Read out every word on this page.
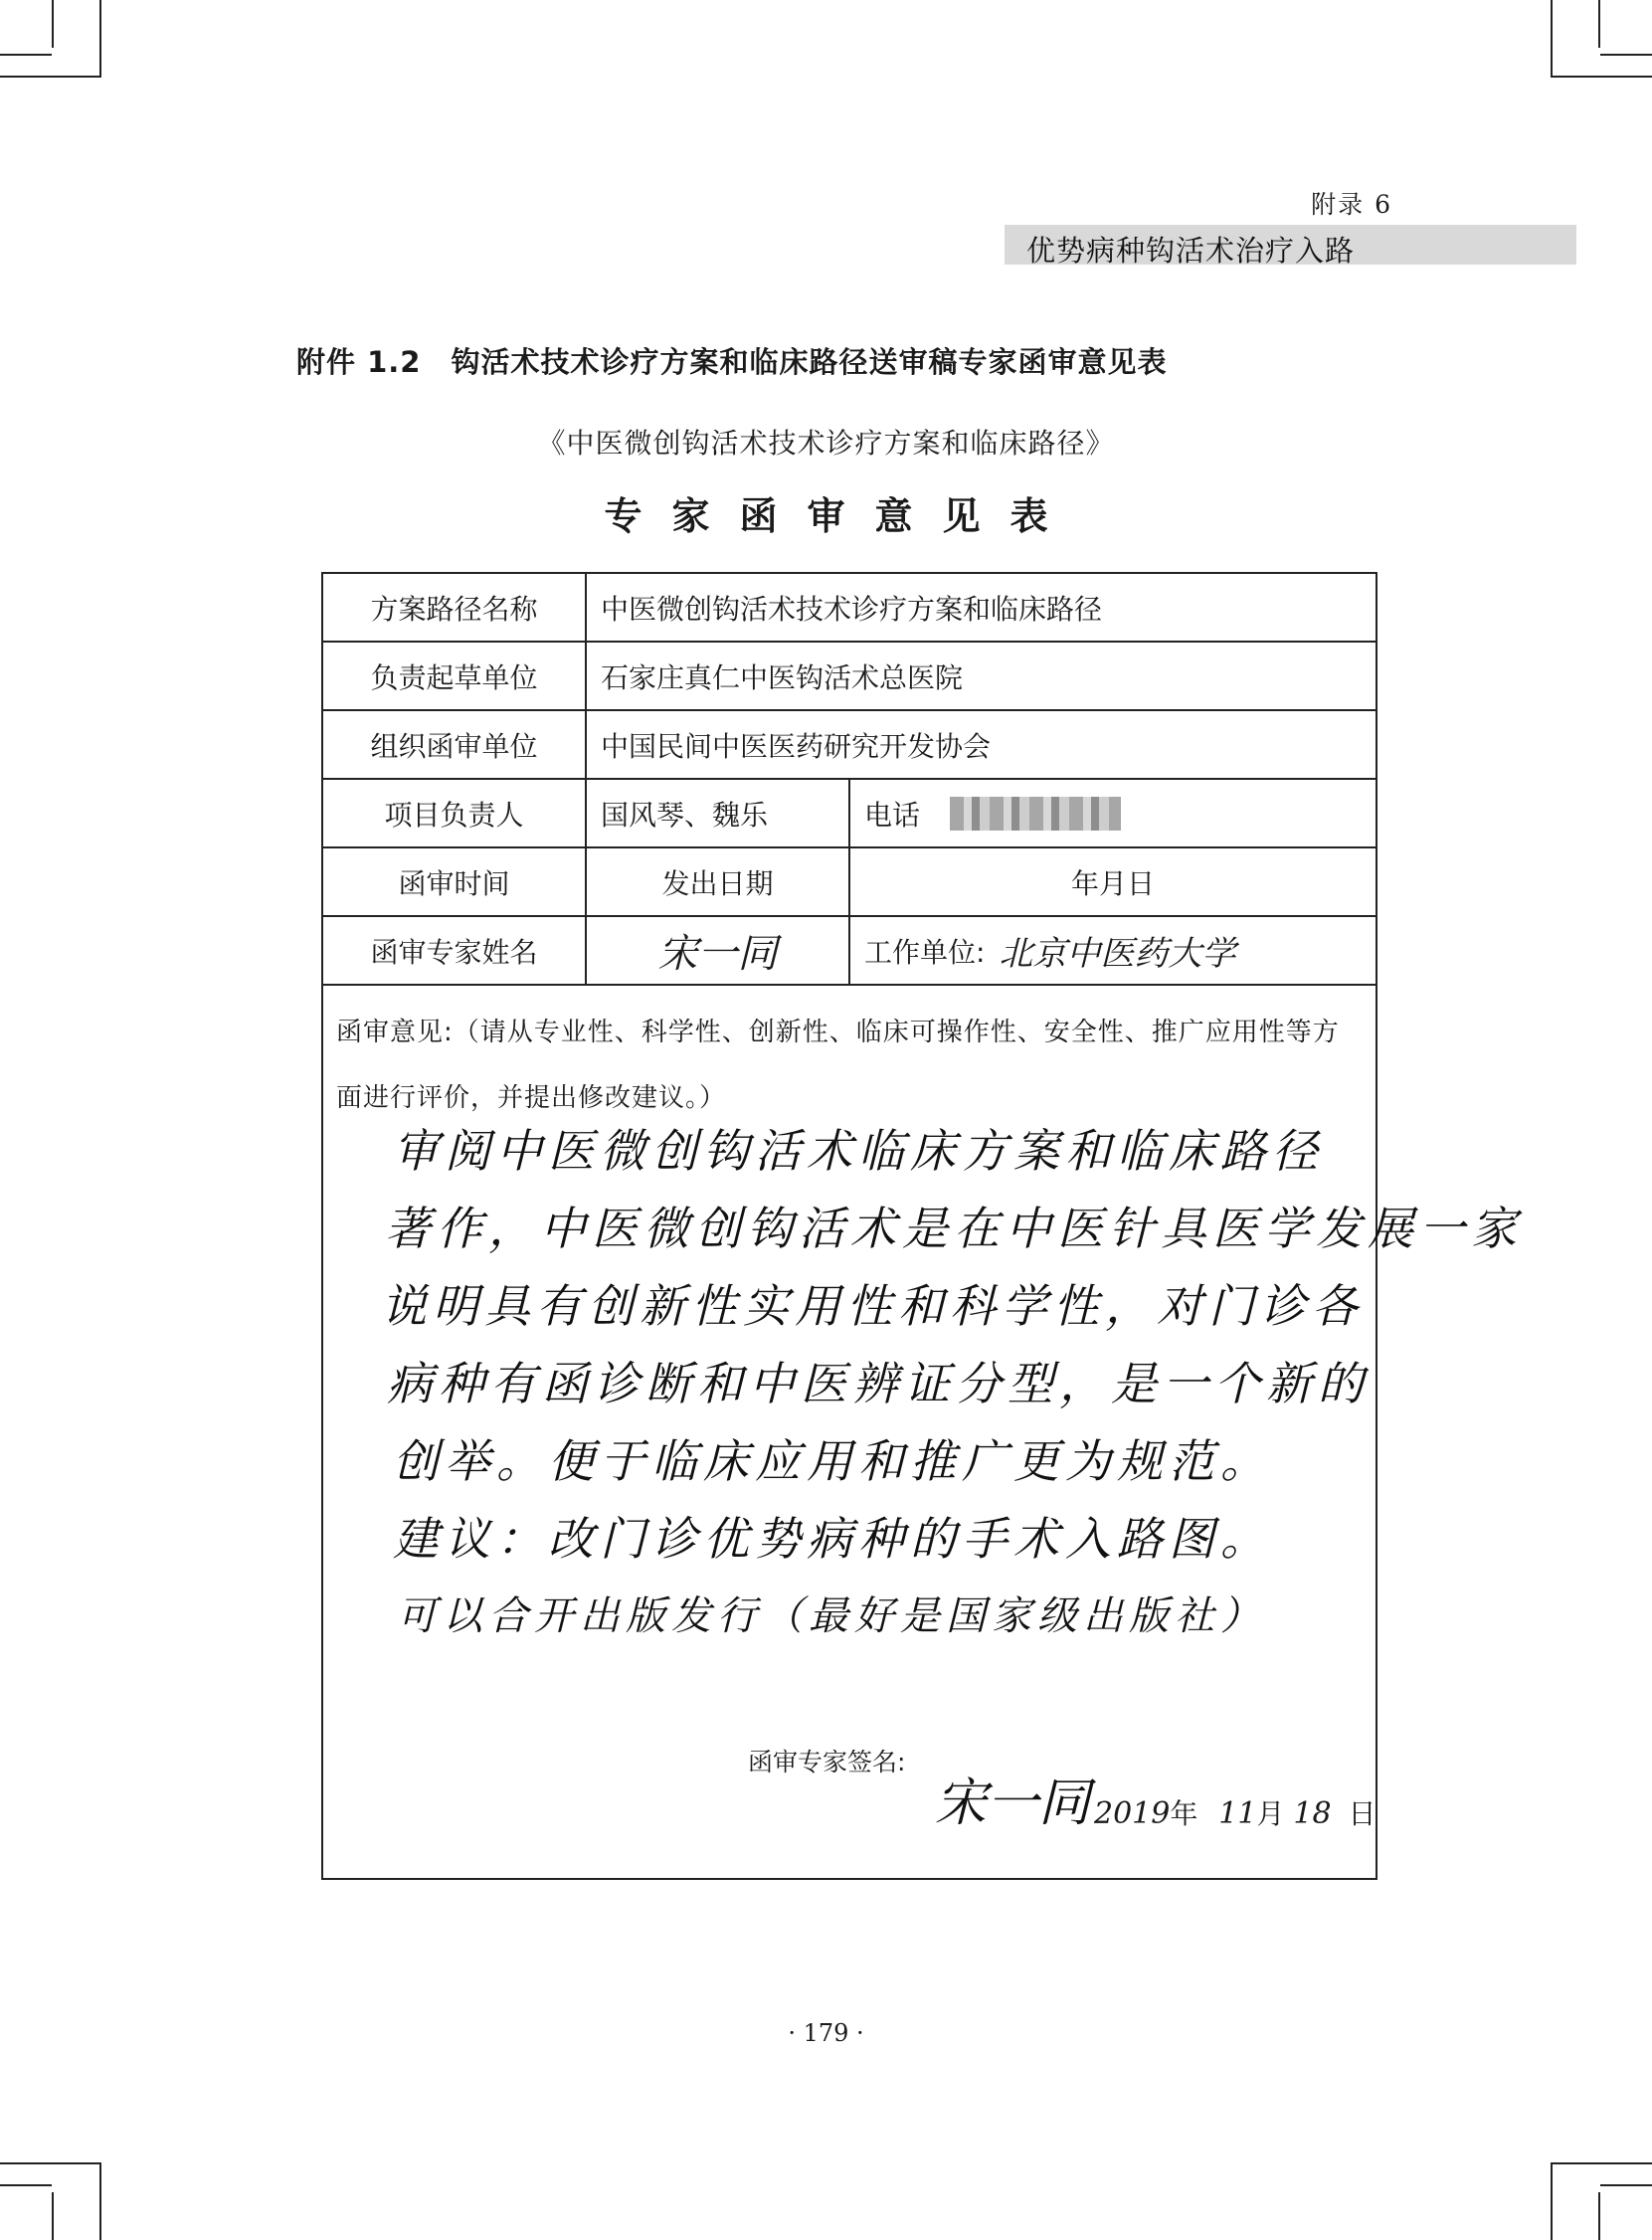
附录 6
优势病种钩活术治疗入路
附件 1.2　钩活术技术诊疗方案和临床路径送审稿专家函审意见表
《中医微创钩活术技术诊疗方案和临床路径》
专家函审意见表
方案路径名称	中医微创钩活术技术诊疗方案和临床路径
负责起草单位	石家庄真仁中医钩活术总医院
组织函审单位	中国民间中医医药研究开发协会
项目负责人	国风琴、魏乐	电话
函审时间	发出日期	年月日
函审专家姓名	宋一同	工作单位: 北京中医药大学
函审意见:（请从专业性、科学性、创新性、临床可操作性、安全性、推广应用性等方面进行评价，并提出修改建议。）
审阅中医微创钩活术临床方案和临床路径
著作，中医微创钩活术是在中医针具医学发展一家
说明具有创新性实用性和科学性，对门诊各
病种有函诊断和中医辨证分型，是一个新的
创举。便于临床应用和推广更为规范。
建议：改门诊优势病种的手术入路图。
可以合开出版发行（最好是国家级出版社）
函审专家签名:
宋一同 2019年 11月 18 日
· 179 ·
